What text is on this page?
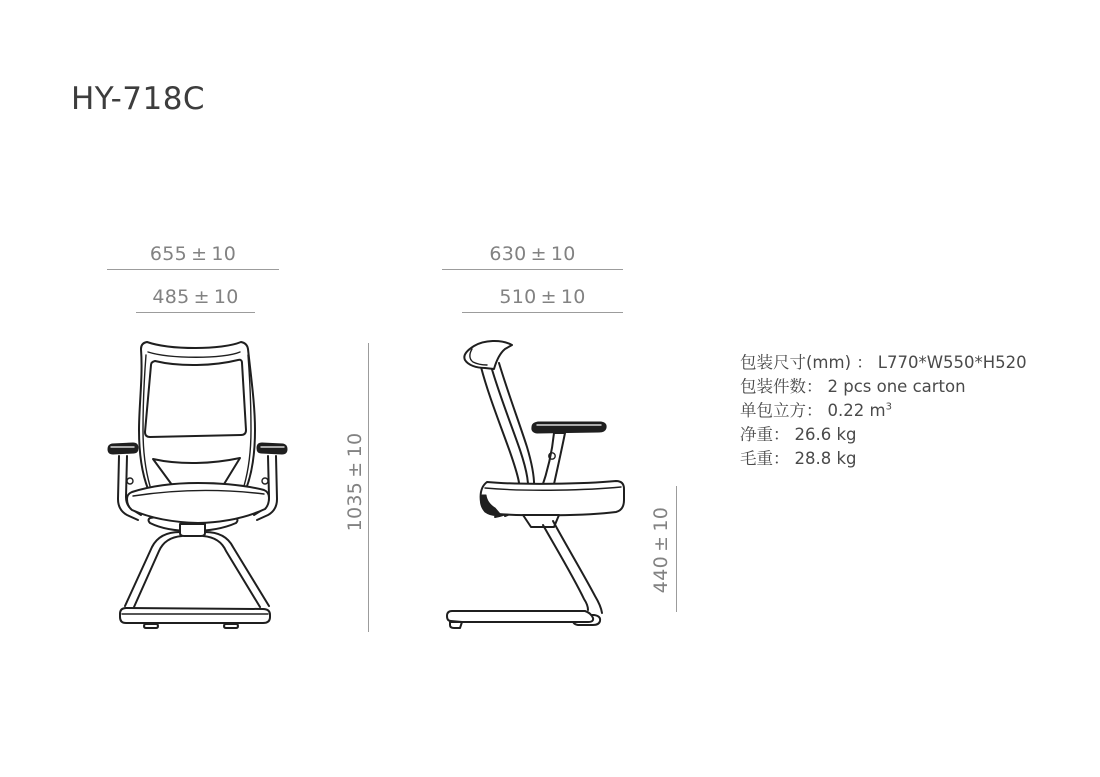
HY-718C
655 ± 10
485 ± 10
1035 ± 10
630 ± 10
510 ± 10
440 ± 10
包装尺寸(mm) ： L770*W550*H520
包装件数： 2 pcs one carton
单包立方： 0.22 $m^3$
净重： 26.6 kg
毛重： 28.8 kg
